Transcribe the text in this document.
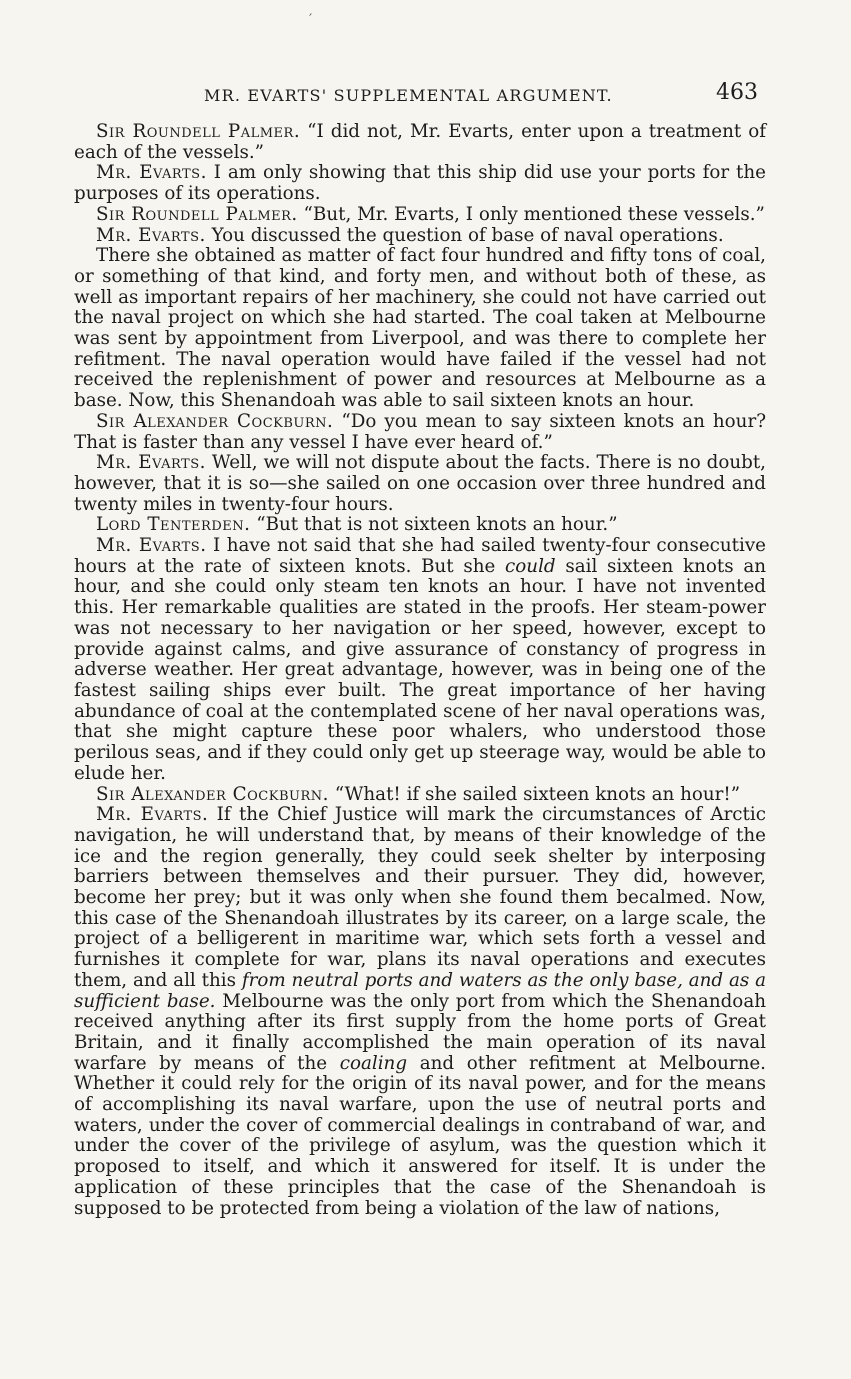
MR. EVARTS' SUPPLEMENTAL ARGUMENT.	463

Sir Roundell Palmer. “I did not, Mr. Evarts, enter upon a treatment of each of the vessels.”

Mr. Evarts. I am only showing that this ship did use your ports for the purposes of its operations.

Sir Roundell Palmer. “But, Mr. Evarts, I only mentioned these vessels.”

Mr. Evarts. You discussed the question of base of naval operations.

There she obtained as matter of fact four hundred and fifty tons of coal, or something of that kind, and forty men, and without both of these, as well as important repairs of her machinery, she could not have carried out the naval project on which she had started. The coal taken at Melbourne was sent by appointment from Liverpool, and was there to complete her refitment. The naval operation would have failed if the vessel had not received the replenishment of power and resources at Melbourne as a base. Now, this Shenandoah was able to sail sixteen knots an hour.

Sir Alexander Cockburn. “Do you mean to say sixteen knots an hour? That is faster than any vessel I have ever heard of.”

Mr. Evarts. Well, we will not dispute about the facts. There is no doubt, however, that it is so—she sailed on one occasion over three hundred and twenty miles in twenty-four hours.

Lord Tenterden. “But that is not sixteen knots an hour.”

Mr. Evarts. I have not said that she had sailed twenty-four consecutive hours at the rate of sixteen knots. But she could sail sixteen knots an hour, and she could only steam ten knots an hour. I have not invented this. Her remarkable qualities are stated in the proofs. Her steam-power was not necessary to her navigation or her speed, however, except to provide against calms, and give assurance of constancy of progress in adverse weather. Her great advantage, however, was in being one of the fastest sailing ships ever built. The great importance of her having abundance of coal at the contemplated scene of her naval operations was, that she might capture these poor whalers, who understood those perilous seas, and if they could only get up steerage way, would be able to elude her.

Sir Alexander Cockburn. “What! if she sailed sixteen knots an hour!”

Mr. Evarts. If the Chief Justice will mark the circumstances of Arctic navigation, he will understand that, by means of their knowledge of the ice and the region generally, they could seek shelter by interposing barriers between themselves and their pursuer. They did, however, become her prey; but it was only when she found them becalmed. Now, this case of the Shenandoah illustrates by its career, on a large scale, the project of a belligerent in maritime war, which sets forth a vessel and furnishes it complete for war, plans its naval operations and executes them, and all this from neutral ports and waters as the only base, and as a sufficient base. Melbourne was the only port from which the Shenandoah received anything after its first supply from the home ports of Great Britain, and it finally accomplished the main operation of its naval warfare by means of the coaling and other refitment at Melbourne. Whether it could rely for the origin of its naval power, and for the means of accomplishing its naval warfare, upon the use of neutral ports and waters, under the cover of commercial dealings in contraband of war, and under the cover of the privilege of asylum, was the question which it proposed to itself, and which it answered for itself. It is under the application of these principles that the case of the Shenandoah is supposed to be protected from being a violation of the law of nations,

′
